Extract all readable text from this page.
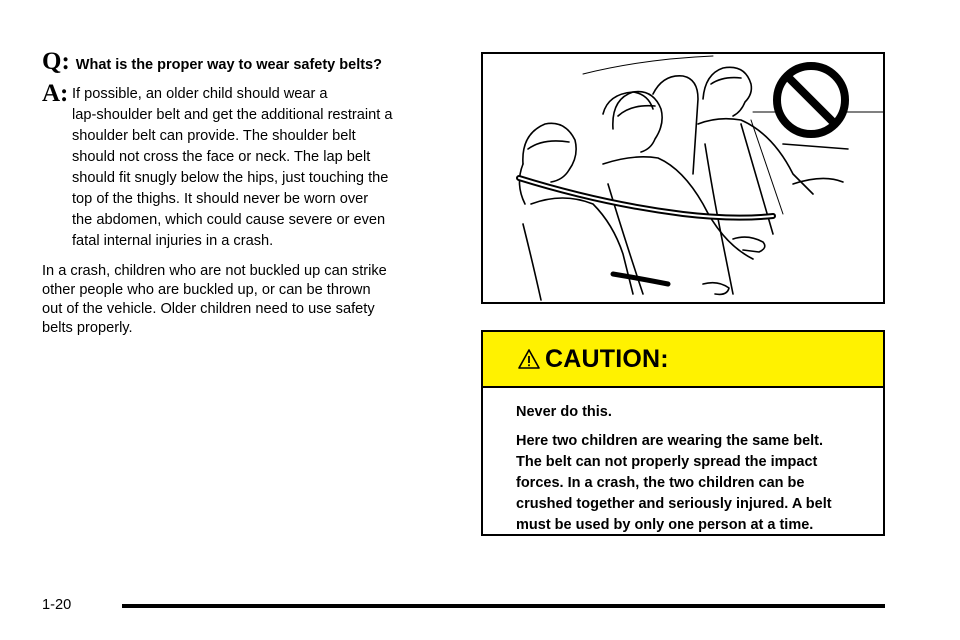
Q: What is the proper way to wear safety belts?
A: If possible, an older child should wear a
lap-shoulder belt and get the additional restraint a
shoulder belt can provide. The shoulder belt
should not cross the face or neck. The lap belt
should fit snugly below the hips, just touching the
top of the thighs. It should never be worn over
the abdomen, which could cause severe or even
fatal internal injuries in a crash.
In a crash, children who are not buckled up can strike
other people who are buckled up, or can be thrown
out of the vehicle. Older children need to use safety
belts properly.
CAUTION:

Never do this.

Here two children are wearing the same belt.
The belt can not properly spread the impact
forces. In a crash, the two children can be
crushed together and seriously injured. A belt
must be used by only one person at a time.

1-20
